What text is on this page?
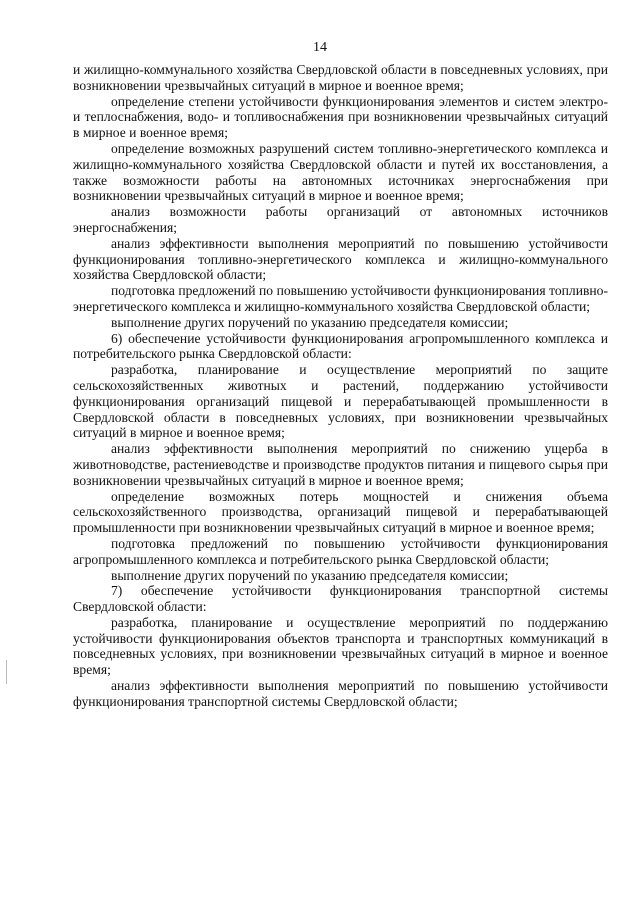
14

и жилищно-коммунального хозяйства Свердловской области в повседневных условиях, при возникновении чрезвычайных ситуаций в мирное и военное время;

определение степени устойчивости функционирования элементов и систем электро- и теплоснабжения, водо- и топливоснабжения при возникновении чрезвычайных ситуаций в мирное и военное время;

определение возможных разрушений систем топливно-энергетического комплекса и жилищно-коммунального хозяйства Свердловской области и путей их восстановления, а также возможности работы на автономных источниках энергоснабжения при возникновении чрезвычайных ситуаций в мирное и военное время;

анализ возможности работы организаций от автономных источников энергоснабжения;

анализ эффективности выполнения мероприятий по повышению устойчивости функционирования топливно-энергетического комплекса и жилищно-коммунального хозяйства Свердловской области;

подготовка предложений по повышению устойчивости функционирования топливно-энергетического комплекса и жилищно-коммунального хозяйства Свердловской области;

выполнение других поручений по указанию председателя комиссии;

6) обеспечение устойчивости функционирования агропромышленного комплекса и потребительского рынка Свердловской области:

разработка, планирование и осуществление мероприятий по защите сельскохозяйственных животных и растений, поддержанию устойчивости функционирования организаций пищевой и перерабатывающей промышленности в Свердловской области в повседневных условиях, при возникновении чрезвычайных ситуаций в мирное и военное время;

анализ эффективности выполнения мероприятий по снижению ущерба в животноводстве, растениеводстве и производстве продуктов питания и пищевого сырья при возникновении чрезвычайных ситуаций в мирное и военное время;

определение возможных потерь мощностей и снижения объема сельскохозяйственного производства, организаций пищевой и перерабатывающей промышленности при возникновении чрезвычайных ситуаций в мирное и военное время;

подготовка предложений по повышению устойчивости функционирования агропромышленного комплекса и потребительского рынка Свердловской области;

выполнение других поручений по указанию председателя комиссии;

7) обеспечение устойчивости функционирования транспортной системы Свердловской области:

разработка, планирование и осуществление мероприятий по поддержанию устойчивости функционирования объектов транспорта и транспортных коммуникаций в повседневных условиях, при возникновении чрезвычайных ситуаций в мирное и военное время;

анализ эффективности выполнения мероприятий по повышению устойчивости функционирования транспортной системы Свердловской области;
